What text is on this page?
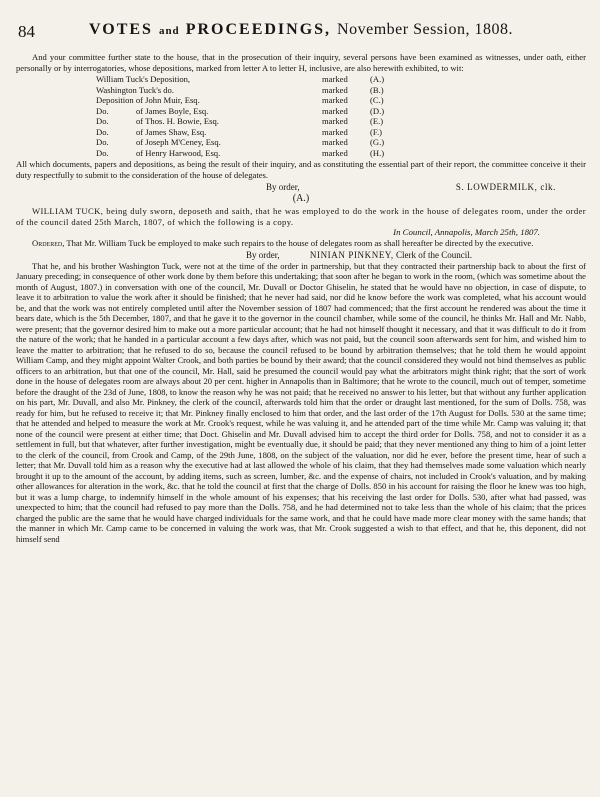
84	VOTES and PROCEEDINGS, November Session, 1808.

And your committee further state to the house, that in the prosecution of their inquiry, several persons have been examined as witnesses, under oath, either personally or by interrogatories, whose depositions, marked from letter A to letter H, inclusive, are also herewith exhibited, to wit:

William Tuck's Deposition,	marked	(A.)
Washington Tuck's do.	marked	(B.)
Deposition of John Muir, Esq.	marked	(C.)
Do.	of James Boyle, Esq.	marked	(D.)
Do.	of Thos. H. Bowie, Esq.	marked	(E.)
Do.	of James Shaw, Esq.	marked	(F.)
Do.	of Joseph M'Ceney, Esq.	marked	(G.)
Do.	of Henry Harwood, Esq.	marked	(H.)

All which documents, papers and depositions, as being the result of their inquiry, and as constituting the essential part of their report, the committee conceive it their duty respectfully to submit to the consideration of the house of delegates.

By order,	S. LOWDERMILK, clk.
(A.)

WILLIAM TUCK, being duly sworn, deposeth and saith, that he was employed to do the work in the house of delegates room, under the order of the council dated 25th March, 1807, of which the following is a copy.

In Council, Annapolis, March 25th, 1807.

Ordered, That Mr. William Tuck be employed to make such repairs to the house of delegates room as shall hereafter be directed by the executive.

By order,	NINIAN PINKNEY, Clerk of the Council.

That he, and his brother Washington Tuck, were not at the time of the order in partnership, but that they contracted their partnership back to about the first of January preceding; in consequence of other work done by them before this undertaking; that soon after he began to work in the room, (which was sometime about the month of August, 1807.) in conversation with one of the council, Mr. Duvall or Doctor Ghiselin, he stated that he would have no objection, in case of dispute, to leave it to arbitration to value the work after it should be finished; that he never had said, nor did he know before the work was completed, what his account would be, and that the work was not entirely completed until after the November session of 1807 had commenced; that the first account he rendered was about the time it bears date, which is the 5th December, 1807, and that he gave it to the governor in the council chamber, while some of the council, he thinks Mr. Hall and Mr. Nabb, were present; that the governor desired him to make out a more particular account; that he had not himself thought it necessary, and that it was difficult to do it from the nature of the work; that he handed in a particular account a few days after, which was not paid, but the council soon afterwards sent for him, and wished him to leave the matter to arbitration; that he refused to do so, because the council refused to be bound by arbitration themselves; that he told them he would appoint William Camp, and they might appoint Walter Crook, and both parties be bound by their award; that the council considered they would not bind themselves as public officers to an arbitration, but that one of the council, Mr. Hall, said he presumed the council would pay what the arbitrators might think right; that the sort of work done in the house of delegates room are always about 20 per cent. higher in Annapolis than in Baltimore; that he wrote to the council, much out of temper, sometime before the draught of the 23d of June, 1808, to know the reason why he was not paid; that he received no answer to his letter, but that without any further application on his part, Mr. Duvall, and also Mr. Pinkney, the clerk of the council, afterwards told him that the order or draught last mentioned, for the sum of Dolls. 758, was ready for him, but he refused to receive it; that Mr. Pinkney finally enclosed to him that order, and the last order of the 17th August for Dolls. 530 at the same time; that he attended and helped to measure the work at Mr. Crook's request, while he was valuing it, and he attended part of the time while Mr. Camp was valuing it; that none of the council were present at either time; that Doct. Ghiselin and Mr. Duvall advised him to accept the third order for Dolls. 758, and not to consider it as a settlement in full, but that whatever, after further investigation, might be eventually due, it should be paid; that they never mentioned any thing to him of a joint letter to the clerk of the council, from Crook and Camp, of the 29th June, 1808, on the subject of the valuation, nor did he ever, before the present time, hear of such a letter; that Mr. Duvall told him as a reason why the executive had at last allowed the whole of his claim, that they had themselves made some valuation which nearly brought it up to the amount of the account, by adding items, such as screen, lumber, &c. and the expense of chairs, not included in Crook's valuation, and by making other allowances for alteration in the work, &c. that he told the council at first that the charge of Dolls. 850 in his account for raising the floor he knew was too high, but it was a lump charge, to indemnify himself in the whole amount of his expenses; that his receiving the last order for Dolls. 530, after what had passed, was unexpected to him; that the council had refused to pay more than the Dolls. 758, and he had determined not to take less than the whole of his claim; that the prices charged the public are the same that he would have charged individuals for the same work, and that he could have made more clear money with the same hands; that the manner in which Mr. Camp came to be concerned in valuing the work was, that Mr. Crook suggested a wish to that effect, and that he, this deponent, did not himself send
